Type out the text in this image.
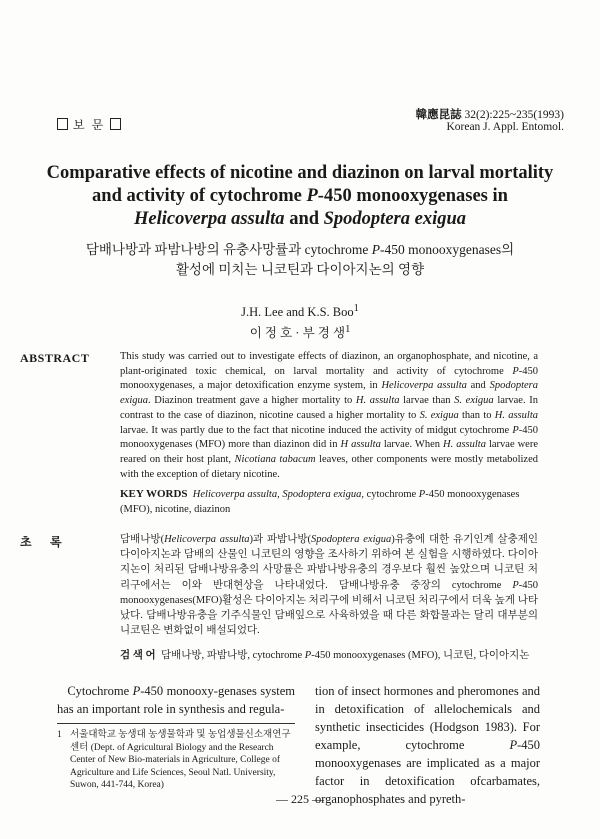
보 문
韓應昆誌 32(2):225~235(1993)
Korean J. Appl. Entomol.
Comparative effects of nicotine and diazinon on larval mortality
and activity of cytochrome P-450 monooxygenases in
Helicoverpa assulta and Spodoptera exigua
담배나방과 파밤나방의 유충사망률과 cytochrome P-450 monooxygenases의
활성에 미치는 니코틴과 다이아지논의 영향
J.H. Lee and K.S. Boo$^1$
이 정 호 · 부 경 생$^1$
ABSTRACT	This study was carried out to investigate effects of diazinon, an organophosphate, and nicotine, a plant-originated toxic chemical, on larval mortality and activity of cytochrome P-450 monooxygenases, a major detoxification enzyme system, in Helicoverpa assulta and Spodoptera exigua. Diazinon treatment gave a higher mortality to H. assulta larvae than S. exigua larvae. In contrast to the case of diazinon, nicotine caused a higher mortality to S. exigua than to H. assulta larvae. It was partly due to the fact that nicotine induced the activity of midgut cytochrome P-450 monooxygenases (MFO) more than diazinon did in H assulta larvae. When H. assulta larvae were reared on their host plant, Nicotiana tabacum leaves, other components were mostly metabolized with the exception of dietary nicotine.
KEY WORDS Helicoverpa assulta, Spodoptera exigua, cytochrome P-450 monooxygenases (MFO), nicotine, diazinon
초 록	담배나방(Helicoverpa assulta)과 파밤나방(Spodoptera exigua)유충에 대한 유기인계 살충제인 다이아지논과 담배의 산물인 니코틴의 영향을 조사하기 위하여 본 실험을 시행하였다. 다이아지논이 처리된 담배나방유충의 사망률은 파밤나방유충의 경우보다 훨씬 높았으며 니코틴 처리구에서는 이와 반대현상을 나타내었다. 담배나방유충 중장의 cytochrome P-450 monooxygenases(MFO)활성은 다이아지논 처리구에 비해서 니코틴 처리구에서 더욱 높게 나타났다. 담배나방유충을 기주식물인 담배잎으로 사육하였을 때 다른 화합물과는 달리 대부분의 니코틴은 변화없이 배설되었다.
검 색 어 담배나방, 파밤나방, cytochrome P-450 monooxygenases (MFO), 니코틴, 다이아지논
Cytochrome P-450 monooxy-genases system has an important role in synthesis and regula-
tion of insect hormones and pheromones and in detoxification of allelochemicals and synthetic insecticides (Hodgson 1983). For example, cytochrome P-450 monooxygenases are implicated as a major factor in detoxification ofcarbamates, organophosphates and pyreth-
1 서울대학교 농생대 농생물학과 및 농업생물신소재연구센터 (Dept. of Agricultural Biology and the Research Center of New Bio-materials in Agriculture, College of Agriculture and Life Sciences, Seoul Natl. University, Suwon, 441-744, Korea)
— 225 —
